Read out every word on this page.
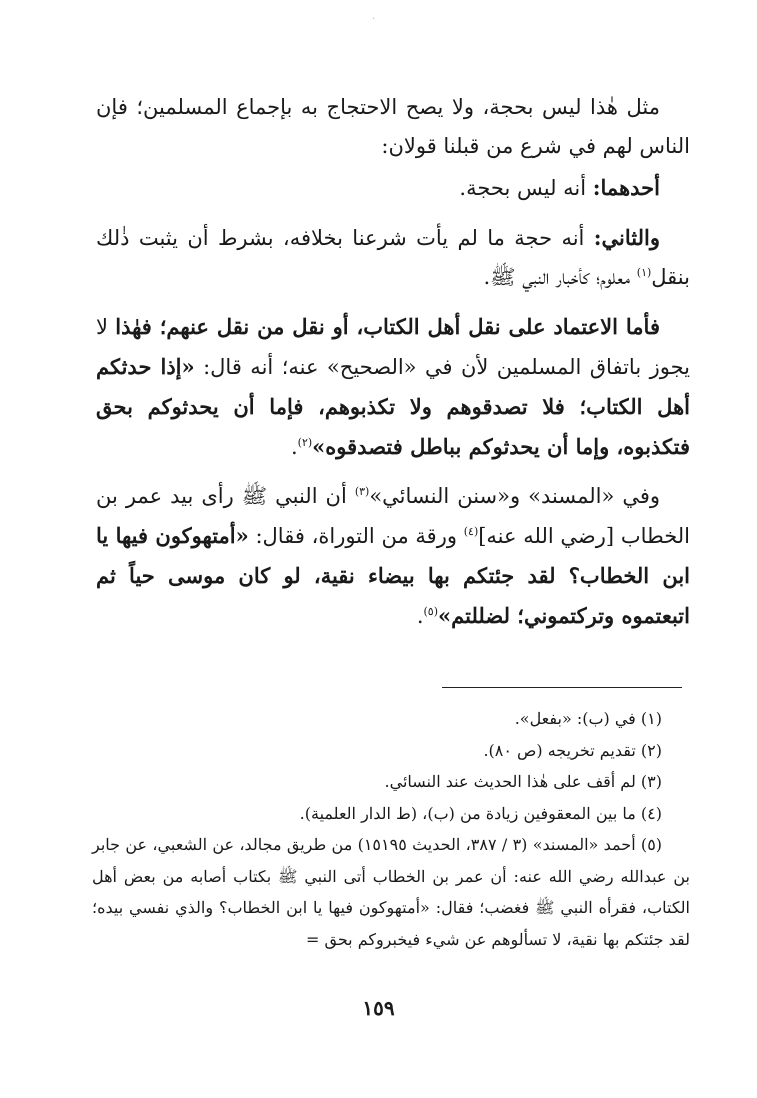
·

مثل هٰذا ليس بحجة، ولا يصح الاحتجاج به بإجماع المسلمين؛ فإن الناس لهم في شرع من قبلنا قولان:

أحدهما: أنه ليس بحجة.

والثاني: أنه حجة ما لم يأت شرعنا بخلافه، بشرط أن يثبت ذٰلك بنقل$^{(١)}$ معلوم؛ كأخبار النبي ﷺ.

فأما الاعتماد على نقل أهل الكتاب، أو نقل من نقل عنهم؛ فهٰذا لا يجوز باتفاق المسلمين لأن في «الصحيح» عنه؛ أنه قال: «إذا حدثكم أهل الكتاب؛ فلا تصدقوهم ولا تكذبوهم، فإما أن يحدثوكم بحق فتكذبوه، وإما أن يحدثوكم بباطل فتصدقوه»$^{(٢)}$.

وفي «المسند» و«سنن النسائي»$^{(٣)}$ أن النبي ﷺ رأى بيد عمر بن الخطاب [رضي الله عنه]$^{(٤)}$ ورقة من التوراة، فقال: «أمتهوكون فيها يا ابن الخطاب؟ لقد جئتكم بها بيضاء نقية، لو كان موسى حياً ثم اتبعتموه وتركتموني؛ لضللتم»$^{(٥)}$.

(١) في (ب): «بفعل».

(٢) تقديم تخريجه (ص ٨٠).

(٣) لم أقف على هٰذا الحديث عند النسائي.

(٤) ما بين المعقوفين زيادة من (ب)، (ط الدار العلمية).

(٥) أحمد «المسند» (٣ / ٣٨٧، الحديث ١٥١٩٥) من طريق مجالد، عن الشعبي، عن جابر بن عبدالله رضي الله عنه: أن عمر بن الخطاب أتى النبي ﷺ بكتاب أصابه من بعض أهل الكتاب، فقرأه النبي ﷺ فغضب؛ فقال: «أمتهوكون فيها يا ابن الخطاب؟ والذي نفسي بيده؛ لقد جئتكم بها نقية، لا تسألوهم عن شيء فيخبروكم بحق =

١٥٩
